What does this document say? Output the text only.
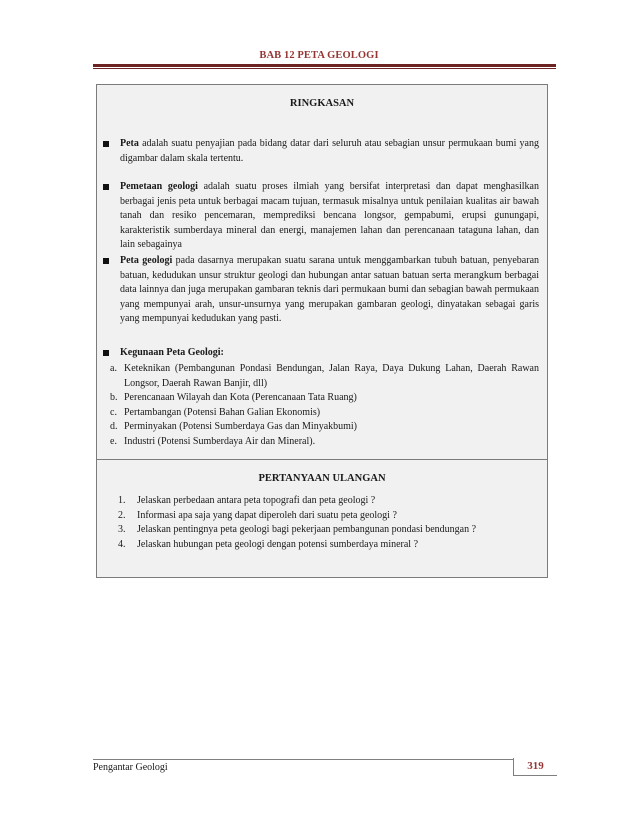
BAB 12 PETA GEOLOGI
RINGKASAN
Peta adalah suatu penyajian pada bidang datar dari seluruh atau sebagian unsur permukaan bumi yang digambar dalam skala tertentu.
Pemetaan geologi adalah suatu proses ilmiah yang bersifat interpretasi dan dapat menghasilkan berbagai jenis peta untuk berbagai macam tujuan, termasuk misalnya untuk penilaian kualitas air bawah tanah dan resiko pencemaran, memprediksi bencana longsor, gempabumi, erupsi gunungapi, karakteristik sumberdaya mineral dan energi, manajemen lahan dan perencanaan tataguna lahan, dan lain sebagainya
Peta geologi pada dasarnya merupakan suatu sarana untuk menggambarkan tubuh batuan, penyebaran batuan, kedudukan unsur struktur geologi dan hubungan antar satuan batuan serta merangkum berbagai data lainnya dan juga merupakan gambaran teknis dari permukaan bumi dan sebagian bawah permukaan yang mempunyai arah, unsur-unsurnya yang merupakan gambaran geologi, dinyatakan sebagai garis yang mempunyai kedudukan yang pasti.
Kegunaan Peta Geologi:
a. Keteknikan (Pembangunan Pondasi Bendungan, Jalan Raya, Daya Dukung Lahan, Daerah Rawan Longsor, Daerah Rawan Banjir, dll)
b. Perencanaan Wilayah dan Kota (Perencanaan Tata Ruang)
c. Pertambangan (Potensi Bahan Galian Ekonomis)
d. Perminyakan (Potensi Sumberdaya Gas dan Minyakbumi)
e. Industri (Potensi Sumberdaya Air dan Mineral).
PERTANYAAN ULANGAN
1.	Jelaskan perbedaan antara peta topografi dan peta geologi ?
2.	Informasi apa saja yang dapat diperoleh dari suatu peta geologi ?
3.	Jelaskan pentingnya peta geologi bagi pekerjaan pembangunan pondasi bendungan ?
4.	Jelaskan hubungan peta geologi dengan potensi sumberdaya mineral ?
Pengantar Geologi	319
